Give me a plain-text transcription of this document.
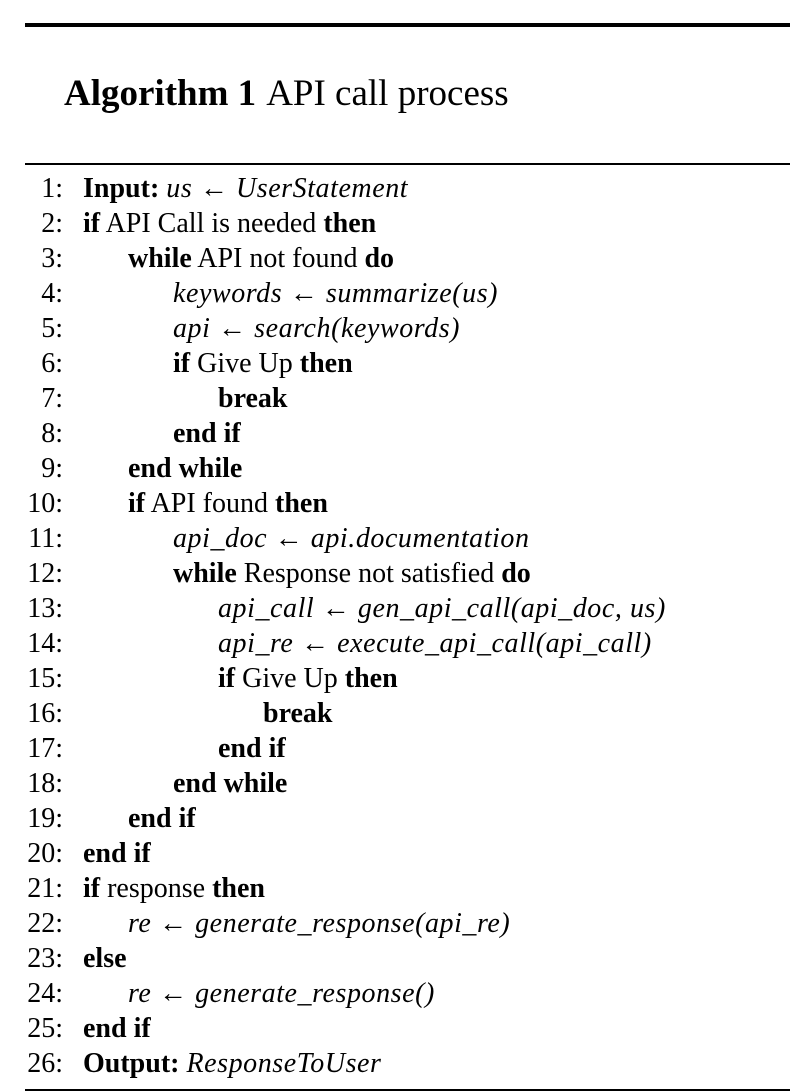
Algorithm 1 API call process

1: Input: us ← UserStatement
2: if API Call is needed then
3:	while API not found do
4:	keywords ← summarize(us)
5:	api ← search(keywords)
6:	if Give Up then
7:	break
8:	end if
9:	end while
10:	if API found then
11:	api_doc ← api.documentation
12:	while Response not satisfied do
13:	api_call ← gen_api_call(api_doc, us)
14:	api_re ← execute_api_call(api_call)
15:	if Give Up then
16:	break
17:	end if
18:	end while
19:	end if
20: end if
21: if response then
22:	re ← generate_response(api_re)
23: else
24:	re ← generate_response()
25: end if
26: Output: ResponseToUser
